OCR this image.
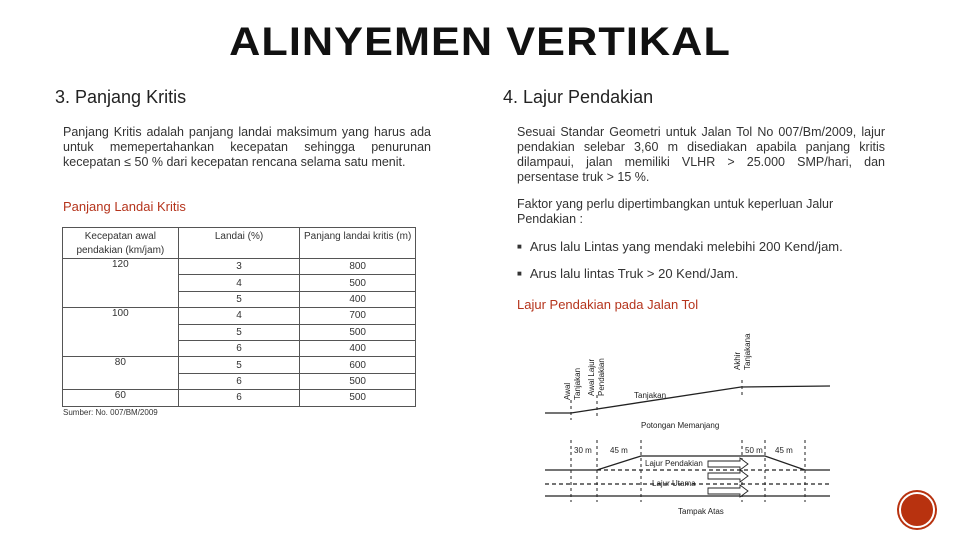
ALINYEMEN VERTIKAL
3. Panjang Kritis
Panjang Kritis adalah panjang landai maksimum yang harus ada untuk memepertahankan kecepatan sehingga penurunan kecepatan ≤ 50 % dari kecepatan rencana selama satu menit.
Panjang Landai Kritis
Kecepatan awal pendakian (km/jam)	Landai (%)	Panjang landai kritis (m)
120	3	800
	4	500
	5	400
100	4	700
	5	500
	6	400
80	5	600
	6	500
60	6	500
Sumber: No. 007/BM/2009
4. Lajur Pendakian
Sesuai Standar Geometri untuk Jalan Tol No 007/Bm/2009, lajur pendakian selebar 3,60 m disediakan apabila panjang kritis dilampaui, jalan memiliki VLHR > 25.000 SMP/hari, dan persentase truk > 15 %.
Faktor yang perlu dipertimbangkan untuk keperluan Jalur Pendakian :
■ Arus lalu Lintas yang mendaki melebihi 200 Kend/jam.
■ Arus lalu lintas Truk > 20 Kend/Jam.
Lajur Pendakian pada Jalan Tol
Awal Tanjakan Awal Lajur Pendakian	Akhir Tanjakana
Tanjakan
Potongan Memanjang
30 m 45 m	50 m 45 m
Lajur Pendakian
Lajur Utama
Tampak Atas
